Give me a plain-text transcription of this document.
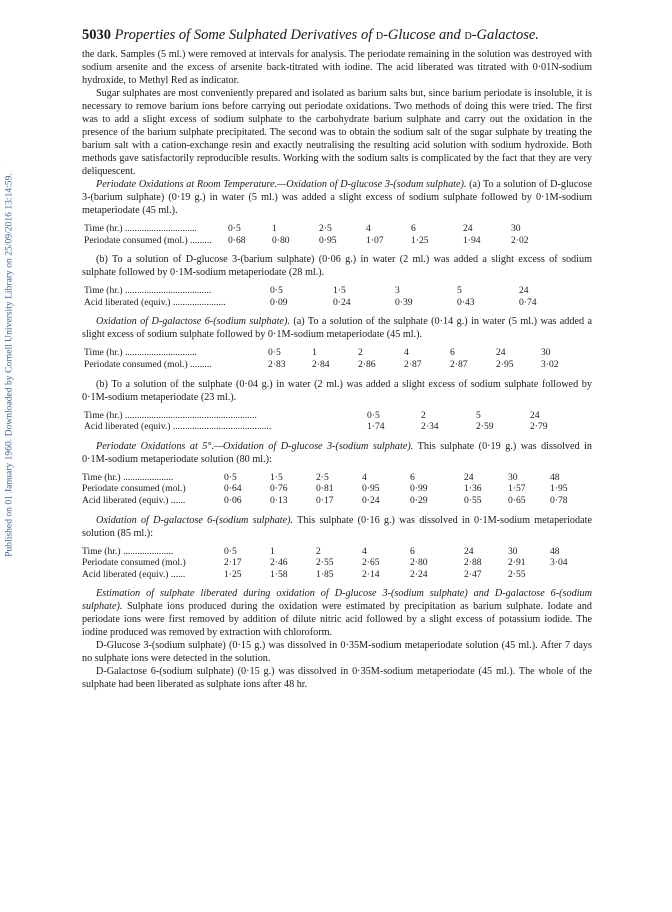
Published on 01 January 1960. Downloaded by Cornell University Library on 25/09/2016 13:14:59.
5030 Properties of Some Sulphated Derivatives of d-Glucose and d-Galactose.

the dark. Samples (5 ml.) were removed at intervals for analysis. The periodate remaining in the solution was destroyed with sodium arsenite and the excess of arsenite back-titrated with iodine. The acid liberated was titrated with 0·01N-sodium hydroxide, to Methyl Red as indicator.

Sugar sulphates are most conveniently prepared and isolated as barium salts but, since barium periodate is insoluble, it is necessary to remove barium ions before carrying out periodate oxidations. Two methods of doing this were tried. The first was to add a slight excess of sodium sulphate to the carbohydrate barium sulphate and carry out the oxidation in the presence of the barium sulphate precipitated. The second was to obtain the sodium salt of the sugar sulphate by treating the barium salt with a cation-exchange resin and exactly neutralising the resulting acid solution with sodium hydroxide. Both methods gave satisfactorily reproducible results. Working with the sodium salts is complicated by the fact that they are very deliquescent.

Periodate Oxidations at Room Temperature.—Oxidation of D-glucose 3-(sodum sulphate). (a) To a solution of D-glucose 3-(barium sulphate) (0·19 g.) in water (5 ml.) was added a slight excess of sodium sulphate followed by 0·1M-sodium metaperiodate (45 ml.).

Time (hr.) ..............................	0·5	1	2·5	4	6	24	30
Periodate consumed (mol.) .........	0·68	0·80	0·95	1·07	1·25	1·94	2·02

(b) To a solution of D-glucose 3-(barium sulphate) (0·06 g.) in water (2 ml.) was added a slight excess of sodium sulphate followed by 0·1M-sodium metaperiodate (28 ml.).

Time (hr.) ....................................	0·5	1·5	3	5	24
Acid liberated (equiv.) ......................	0·09	0·24	0·39	0·43	0·74

Oxidation of D-galactose 6-(sodium sulphate). (a) To a solution of the sulphate (0·14 g.) in water (5 ml.) was added a slight excess of sodium sulphate followed by 0·1M-sodium metaperiodate (45 ml.).

Time (hr.) ..............................	0·5	1	2	4	6	24	30
Periodate consumed (mol.) .........	2·83	2·84	2·86	2·87	2·87	2·95	3·02

(b) To a solution of the sulphate (0·04 g.) in water (2 ml.) was added a slight excess of sodium sulphate followed by 0·1M-sodium metaperiodate (23 ml.).

Time (hr.) .......................................................	0·5	2	5	24
Acid liberated (equiv.) .........................................	1·74	2·34	2·59	2·79

Periodate Oxidations at 5°.—Oxidation of D-glucose 3-(sodium sulphate). This sulphate (0·19 g.) was dissolved in 0·1M-sodium metaperiodate solution (80 ml.):

Time (hr.) .....................	0·5	1·5	2·5	4	6	24	30	48
Periodate consumed (mol.)	0·64	0·76	0·81	0·95	0·99	1·36	1·57	1·95
Acid liberated (equiv.) ......	0·06	0·13	0·17	0·24	0·29	0·55	0·65	0·78

Oxidation of D-galactose 6-(sodium sulphate). This sulphate (0·16 g.) was dissolved in 0·1M-sodium metaperiodate solution (85 ml.):

Time (hr.) .....................	0·5	1	2	4	6	24	30	48
Periodate consumed (mol.)	2·17	2·46	2·55	2·65	2·80	2·88	2·91	3·04
Acid liberated (equiv.) ......	1·25	1·58	1·85	2·14	2·24	2·47	2·55	

Estimation of sulphate liberated during oxidation of D-glucose 3-(sodium sulphate) and D-galactose 6-(sodium sulphate). Sulphate ions produced during the oxidation were estimated by precipitation as barium sulphate. Iodate and periodate ions were first removed by addition of dilute nitric acid followed by a slight excess of potassium iodide. The iodine produced was removed by extraction with chloroform.

D-Glucose 3-(sodium sulphate) (0·15 g.) was dissolved in 0·35M-sodium metaperiodate solution (45 ml.). After 7 days no sulphate ions were detected in the solution.

D-Galactose 6-(sodium sulphate) (0·15 g.) was dissolved in 0·35M-sodium metaperiodate (45 ml.). The whole of the sulphate had been liberated as sulphate ions after 48 hr.
